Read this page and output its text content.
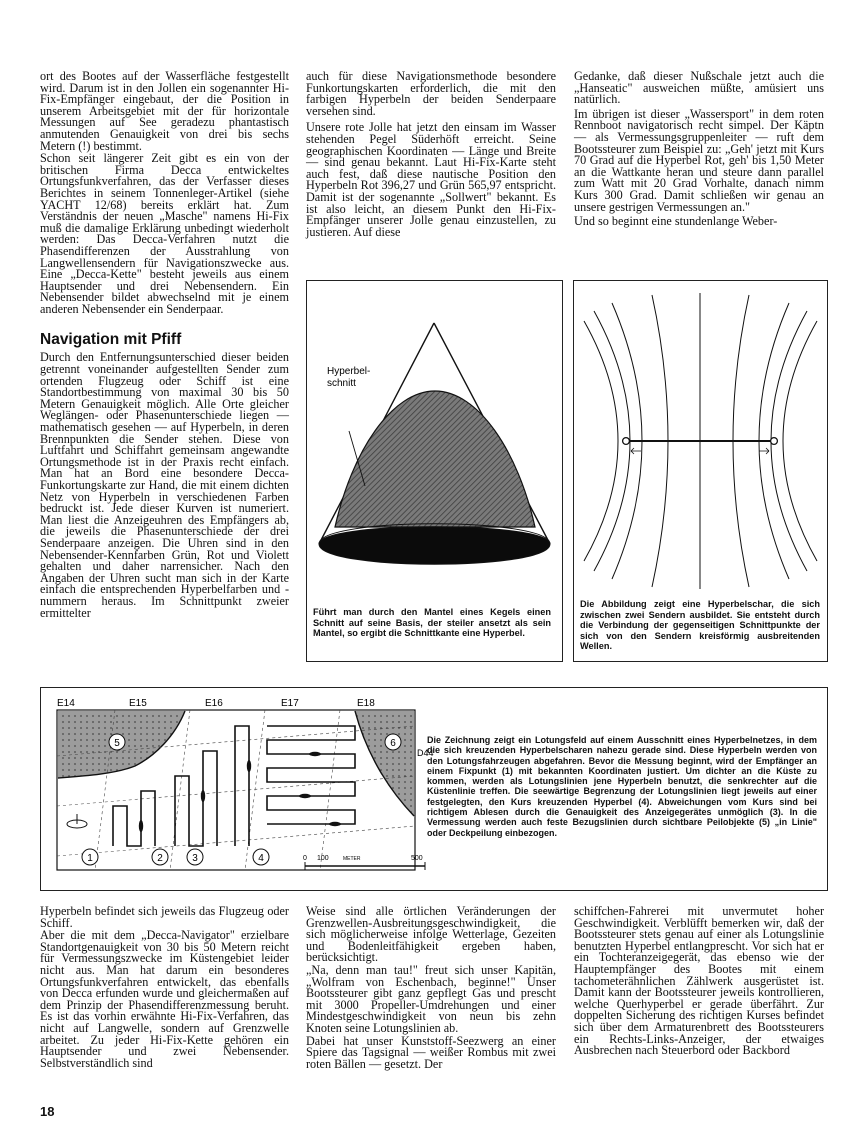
ort des Bootes auf der Wasserfläche festgestellt wird. Darum ist in den Jollen ein sogenannter Hi-Fix-Empfänger eingebaut, der die Position in unserem Arbeitsgebiet mit der für horizontale Messungen auf See geradezu phantastisch anmutenden Genauigkeit von drei bis sechs Metern (!) bestimmt.

Schon seit längerer Zeit gibt es ein von der britischen Firma Decca entwickeltes Ortungsfunkverfahren, das der Verfasser dieses Berichtes in seinem Tonnenleger-Artikel (siehe YACHT 12/68) bereits erklärt hat. Zum Verständnis der neuen „Masche" namens Hi-Fix muß die damalige Erklärung unbedingt wiederholt werden: Das Decca-Verfahren nutzt die Phasendifferenzen der Ausstrahlung von Langwellensendern für Navigationszwecke aus. Eine „Decca-Kette" besteht jeweils aus einem Hauptsender und drei Nebensendern. Ein Nebensender bildet abwechselnd mit je einem anderen Nebensender ein Senderpaar.

Navigation mit Pfiff

Durch den Entfernungsunterschied dieser beiden getrennt voneinander aufgestellten Sender zum ortenden Flugzeug oder Schiff ist eine Standortbestimmung von maximal 30 bis 50 Metern Genauigkeit möglich. Alle Orte gleicher Weglängen- oder Phasenunterschiede liegen — mathematisch gesehen — auf Hyperbeln, in deren Brennpunkten die Sender stehen. Diese von Luftfahrt und Schiffahrt gemeinsam angewandte Ortungsmethode ist in der Praxis recht einfach. Man hat an Bord eine besondere Decca-Funkortungskarte zur Hand, die mit einem dichten Netz von Hyperbeln in verschiedenen Farben bedruckt ist. Jede dieser Kurven ist numeriert. Man liest die Anzeigeuhren des Empfängers ab, die jeweils die Phasenunterschiede der drei Senderpaare anzeigen. Die Uhren sind in den Nebensender-Kennfarben Grün, Rot und Violett gehalten und daher narrensicher. Nach den Angaben der Uhren sucht man sich in der Karte einfach die entsprechenden Hyperbelfarben und -nummern heraus. Im Schnittpunkt zweier ermittelter

auch für diese Navigationsmethode besondere Funkortungskarten erforderlich, die mit den farbigen Hyperbeln der beiden Senderpaare versehen sind.

Unsere rote Jolle hat jetzt den einsam im Wasser stehenden Pegel Süderhöft erreicht. Seine geographischen Koordinaten — Länge und Breite — sind genau bekannt. Laut Hi-Fix-Karte steht auch fest, daß diese nautische Position den Hyperbeln Rot 396,27 und Grün 565,97 entspricht. Damit ist der sogenannte „Sollwert" bekannt. Es ist also leicht, an diesem Punkt den Hi-Fix-Empfänger unserer Jolle genau einzustellen, zu justieren. Auf diese

Gedanke, daß dieser Nußschale jetzt auch die „Hanseatic" ausweichen müßte, amüsiert uns natürlich.

Im übrigen ist dieser „Wassersport" in dem roten Rennboot navigatorisch recht simpel. Der Käptn — als Vermessungsgruppenleiter — ruft dem Bootssteurer zum Beispiel zu: „Geh' jetzt mit Kurs 70 Grad auf die Hyperbel Rot, geh' bis 1,50 Meter an die Wattkante heran und steure dann parallel zum Watt mit 20 Grad Vorhalte, danach nimm Kurs 300 Grad. Damit schließen wir genau an unsere gestrigen Vermessungen an."

Und so beginnt eine stundenlange Weber-

Hyperbel-
schnitt
Führt man durch den Mantel eines Kegels einen Schnitt auf seine Basis, der steiler ansetzt als sein Mantel, so ergibt die Schnittkante eine Hyperbel.
Die Abbildung zeigt eine Hyperbelschar, die sich zwischen zwei Sendern ausbildet. Sie entsteht durch die Verbindung der gegenseitigen Schnittpunkte der sich von den Sendern kreisförmig ausbreitenden Wellen.
E14	E15	E16	E17	E18
D44
1	2	3	4
5	6
0 100	METER	500
Die Zeichnung zeigt ein Lotungsfeld auf einem Ausschnitt eines Hyperbelnetzes, in dem die sich kreuzenden Hyperbelscharen nahezu gerade sind. Diese Hyperbeln werden von den Lotungsfahrzeugen abgefahren. Bevor die Messung beginnt, wird der Empfänger an einem Fixpunkt (1) mit bekannten Koordinaten justiert. Um dichter an die Küste zu kommen, werden als Lotungslinien jene Hyperbeln benutzt, die senkrechter auf die Küstenlinie treffen. Die seewärtige Begrenzung der Lotungslinien liegt jeweils auf einer festgelegten, den Kurs kreuzenden Hyperbel (4). Abweichungen vom Kurs sind bei richtigem Ablesen durch die Genauigkeit des Anzeigegerätes unmöglich (3). In die Vermessung werden auch feste Bezugslinien durch sichtbare Peilobjekte (5) „in Linie" oder Deckpeilung einbezogen.

Hyperbeln befindet sich jeweils das Flugzeug oder Schiff.

Aber die mit dem „Decca-Navigator" erzielbare Standortgenauigkeit von 30 bis 50 Metern reicht für Vermessungszwecke im Küstengebiet leider nicht aus. Man hat darum ein besonderes Ortungsfunkverfahren entwickelt, das ebenfalls von Decca erfunden wurde und gleichermaßen auf dem Prinzip der Phasendifferenzmessung beruht. Es ist das vorhin erwähnte Hi-Fix-Verfahren, das nicht auf Langwelle, sondern auf Grenzwelle arbeitet. Zu jeder Hi-Fix-Kette gehören ein Hauptsender und zwei Nebensender. Selbstverständlich sind

Weise sind alle örtlichen Veränderungen der Grenzwellen-Ausbreitungsgeschwindigkeit, die sich möglicherweise infolge Wetterlage, Gezeiten und Bodenleitfähigkeit ergeben haben, berücksichtigt.

„Na, denn man tau!" freut sich unser Kapitän, „Wolfram von Eschenbach, beginne!" Unser Bootssteurer gibt ganz gepflegt Gas und prescht mit 3000 Propeller-Umdrehungen und einer Mindestgeschwindigkeit von neun bis zehn Knoten seine Lotungslinien ab.

Dabei hat unser Kunststoff-Seezwerg an einer Spiere das Tagsignal — weißer Rombus mit zwei roten Bällen — gesetzt. Der

schiffchen-Fahrerei mit unvermutet hoher Geschwindigkeit. Verblüfft bemerken wir, daß der Bootssteurer stets genau auf einer als Lotungslinie benutzten Hyperbel entlangprescht. Vor sich hat er ein Tochteranzeigegerät, das ebenso wie der Hauptempfänger des Bootes mit einem tachometerähnlichen Zählwerk ausgerüstet ist. Damit kann der Bootssteurer jeweils kontrollieren, welche Querhyperbel er gerade überfährt. Zur doppelten Sicherung des richtigen Kurses befindet sich über dem Armaturenbrett des Bootssteurers ein Rechts-Links-Anzeiger, der etwaiges Ausbrechen nach Steuerbord oder Backbord

18
